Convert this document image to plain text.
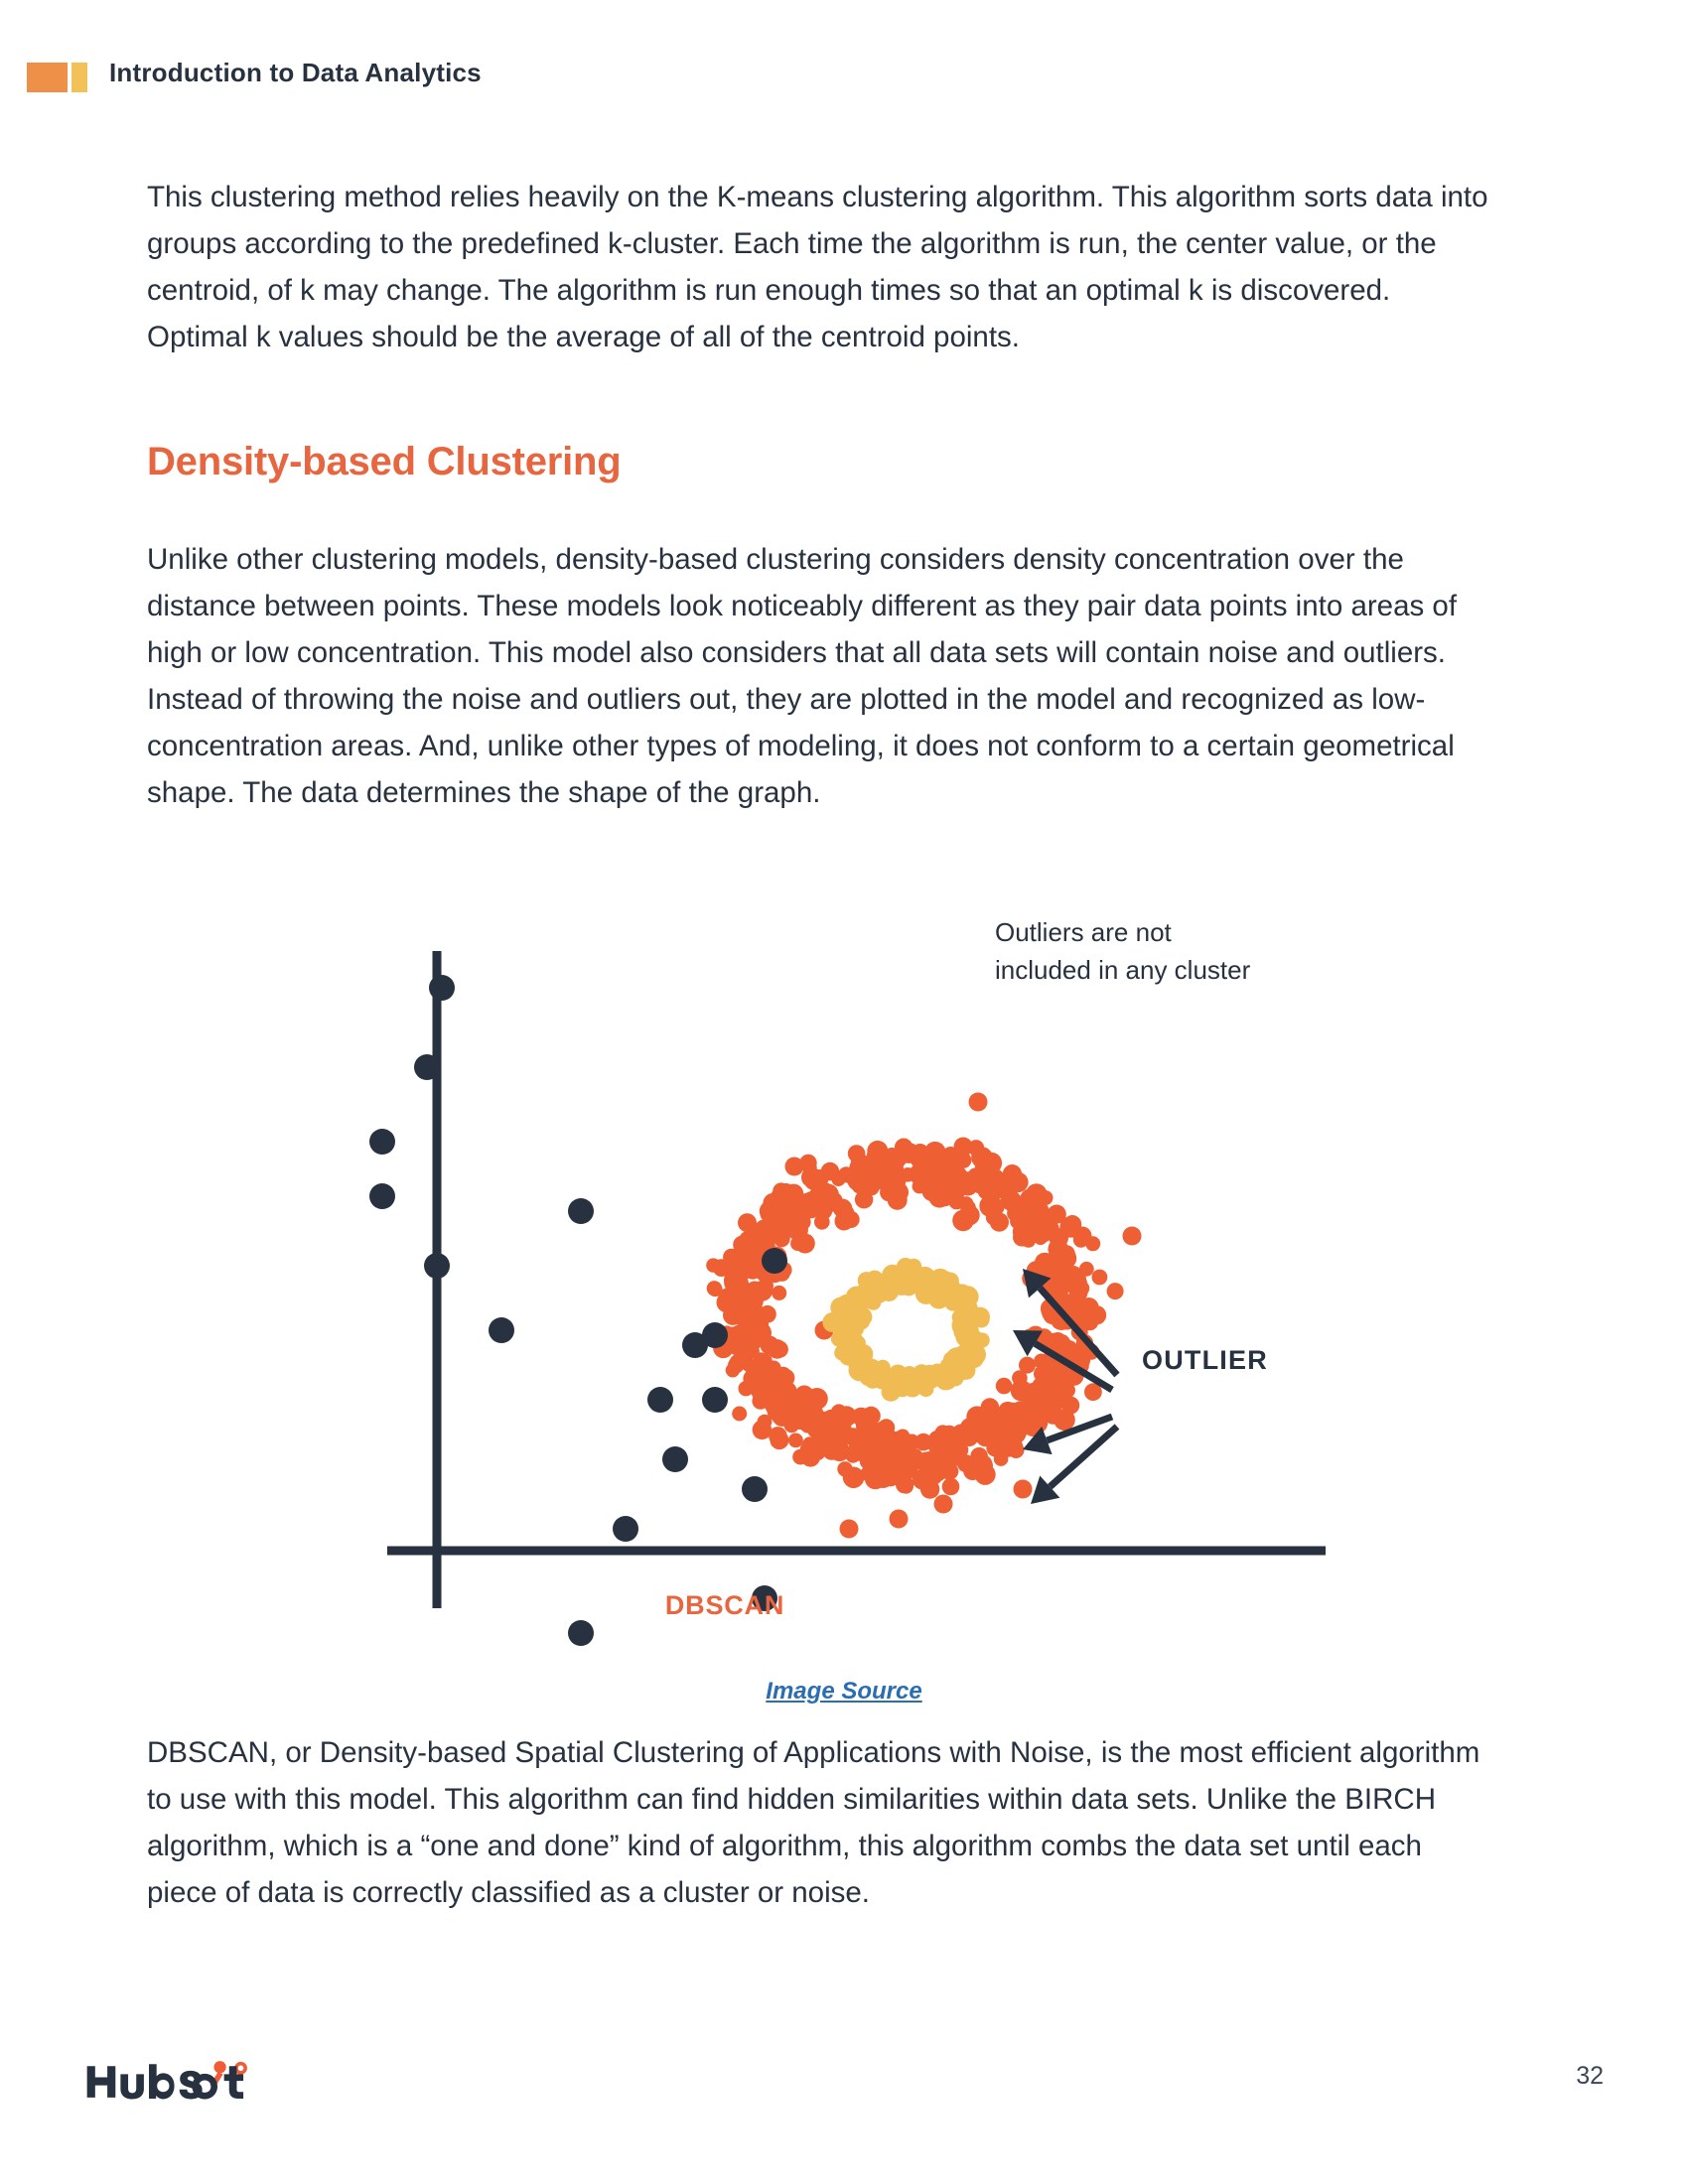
Introduction to Data Analytics
This clustering method relies heavily on the K-means clustering algorithm. This algorithm sorts data into groups according to the predefined k-cluster. Each time the algorithm is run, the center value, or the centroid, of k may change. The algorithm is run enough times so that an optimal k is discovered. Optimal k values should be the average of all of the centroid points.
Density-based Clustering
Unlike other clustering models, density-based clustering considers density concentration over the distance between points. These models look noticeably different as they pair data points into areas of high or low concentration. This model also considers that all data sets will contain noise and outliers. Instead of throwing the noise and outliers out, they are plotted in the model and recognized as low-concentration areas. And, unlike other types of modeling, it does not conform to a certain geometrical shape. The data determines the shape of the graph.
Outliers are not
included in any cluster
OUTLIER
DBSCAN
Image Source
DBSCAN, or Density-based Spatial Clustering of Applications with Noise, is the most efficient algorithm to use with this model. This algorithm can find hidden similarities within data sets. Unlike the BIRCH algorithm, which is a “one and done” kind of algorithm, this algorithm combs the data set until each piece of data is correctly classified as a cluster or noise.
32
